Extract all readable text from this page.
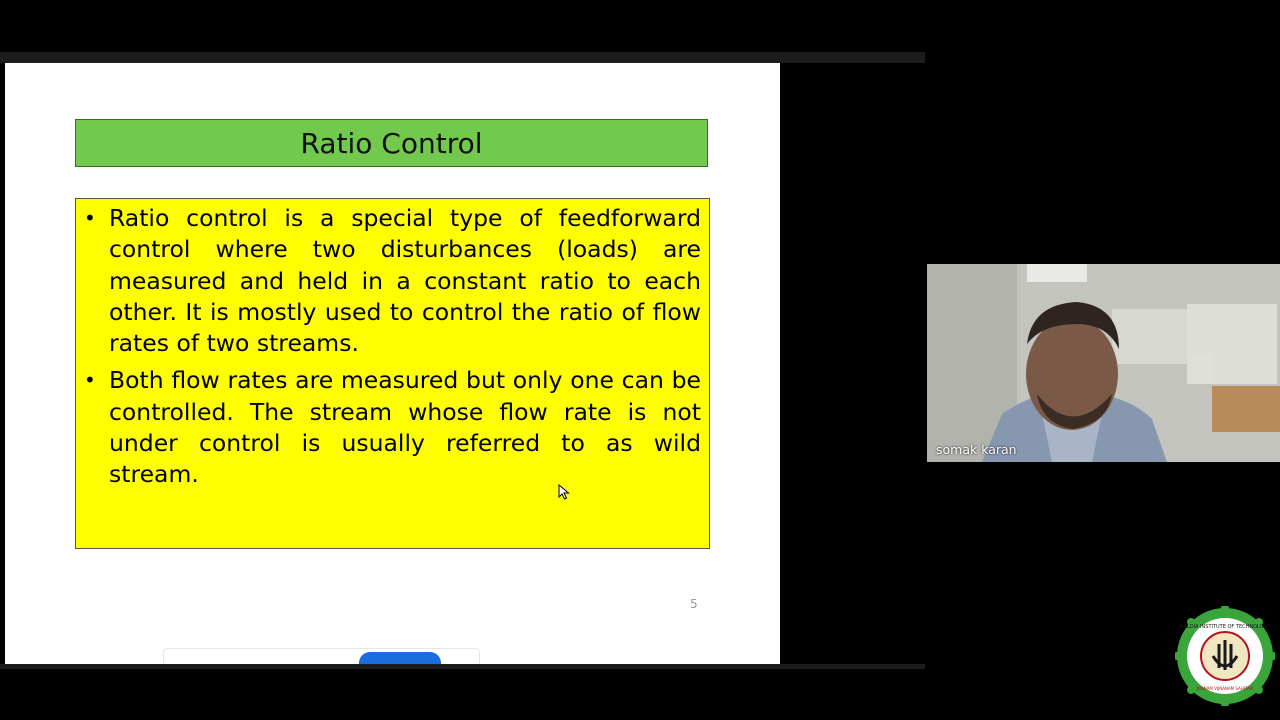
Ratio Control
• Ratio control is a special type of feedforward control where two disturbances (loads) are measured and held in a constant ratio to each other. It is mostly used to control the ratio of flow rates of two streams.
• Both flow rates are measured but only one can be controlled. The stream whose flow rate is not under control is usually referred to as wild stream.
5
somak karan
HALDIA INSTITUTE OF TECHNOLOGY
JNANAM VIJNANAM SAHITAM
